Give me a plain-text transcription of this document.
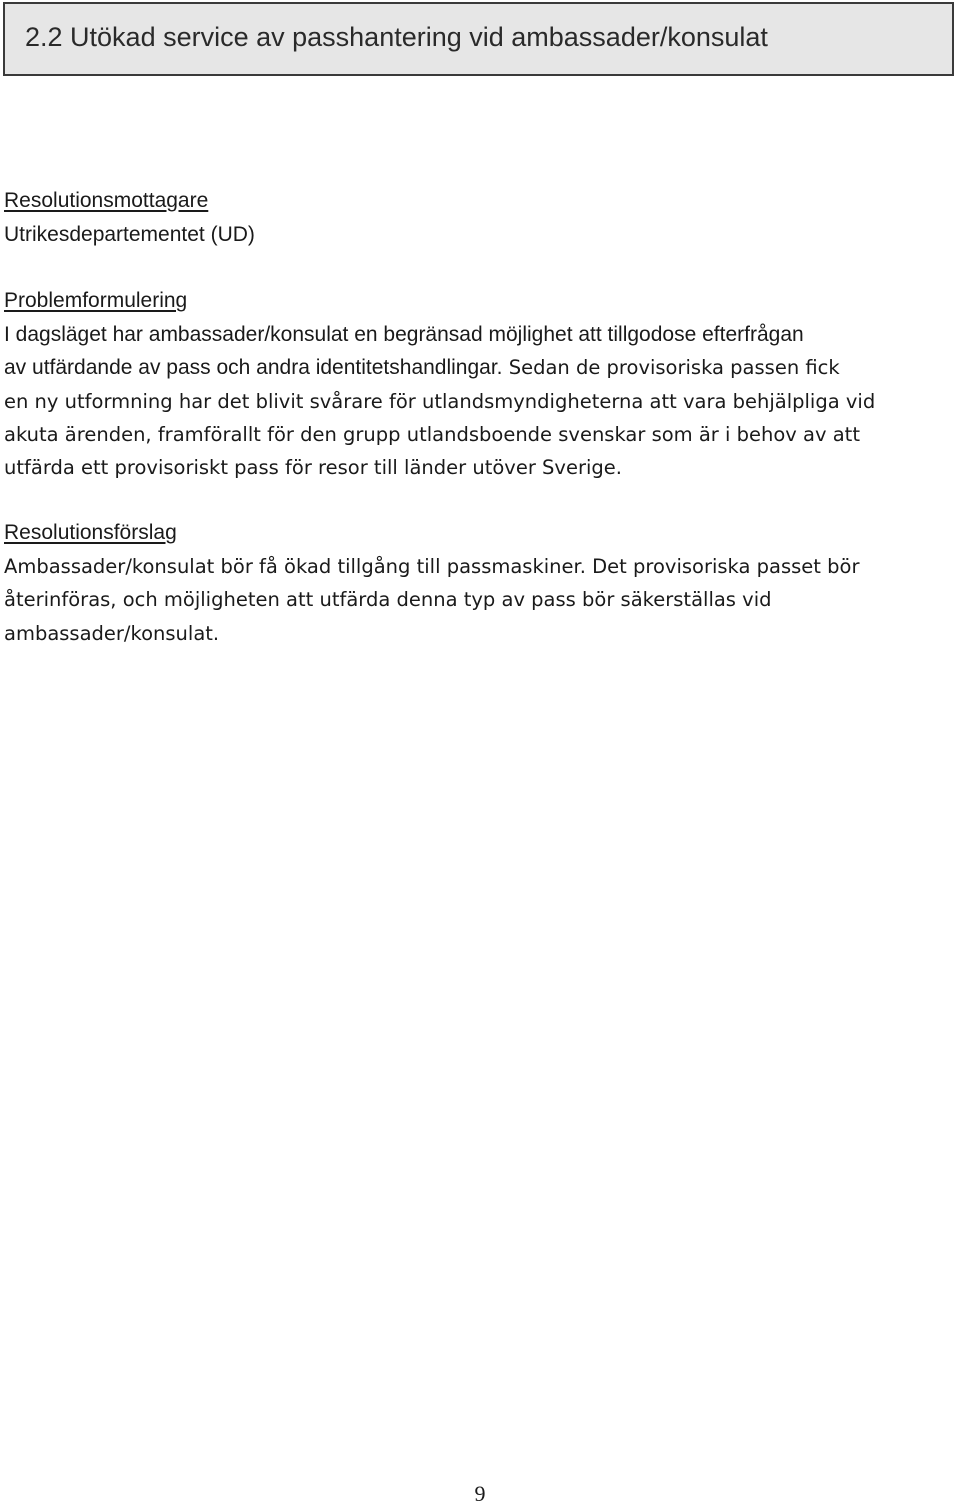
2.2 Utökad service av passhantering vid ambassader/konsulat
Resolutionsmottagare
Utrikesdepartementet (UD)
Problemformulering
I dagsläget har ambassader/konsulat en begränsad möjlighet att tillgodose efterfrågan
av utfärdande av pass och andra identitetshandlingar. Sedan de provisoriska passen fick
en ny utformning har det blivit svårare för utlandsmyndigheterna att vara behjälpliga vid
akuta ärenden, framförallt för den grupp utlandsboende svenskar som är i behov av att
utfärda ett provisoriskt pass för resor till länder utöver Sverige.
Resolutionsförslag
Ambassader/konsulat bör få ökad tillgång till passmaskiner. Det provisoriska passet bör
återinföras, och möjligheten att utfärda denna typ av pass bör säkerställas vid
ambassader/konsulat.
9
